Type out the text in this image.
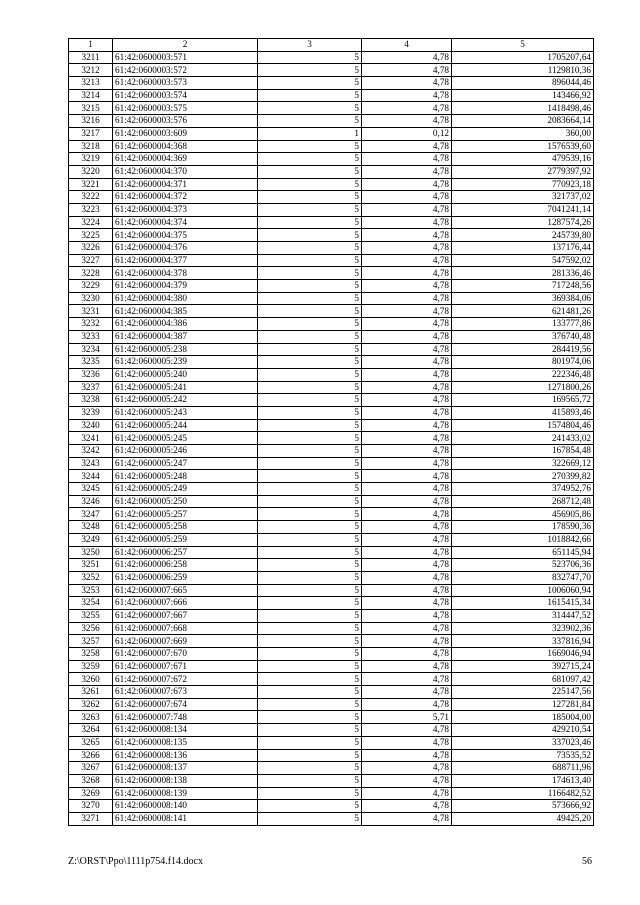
1	2	3	4	5
3211	61:42:0600003:571	5	4,78	1705207,64
3212	61:42:0600003:572	5	4,78	1129810,36
3213	61:42:0600003:573	5	4,78	896044,46
3214	61:42:0600003:574	5	4,78	143466,92
3215	61:42:0600003:575	5	4,78	1418498,46
3216	61:42:0600003:576	5	4,78	2083664,14
3217	61:42:0600003:609	1	0,12	360,00
3218	61:42:0600004:368	5	4,78	1576539,60
3219	61:42:0600004:369	5	4,78	479539,16
3220	61:42:0600004:370	5	4,78	2779397,92
3221	61:42:0600004:371	5	4,78	770923,18
3222	61:42:0600004:372	5	4,78	321737,02
3223	61:42:0600004:373	5	4,78	7041241,14
3224	61:42:0600004:374	5	4,78	1287574,26
3225	61:42:0600004:375	5	4,78	245739,80
3226	61:42:0600004:376	5	4,78	137176,44
3227	61:42:0600004:377	5	4,78	547592,02
3228	61:42:0600004:378	5	4,78	281336,46
3229	61:42:0600004:379	5	4,78	717248,56
3230	61:42:0600004:380	5	4,78	369384,06
3231	61:42:0600004:385	5	4,78	621481,26
3232	61:42:0600004:386	5	4,78	133777,86
3233	61:42:0600004:387	5	4,78	376740,48
3234	61:42:0600005:238	5	4,78	284419,56
3235	61:42:0600005:239	5	4,78	801974,06
3236	61:42:0600005:240	5	4,78	222346,48
3237	61:42:0600005:241	5	4,78	1271800,26
3238	61:42:0600005:242	5	4,78	169565,72
3239	61:42:0600005:243	5	4,78	415893,46
3240	61:42:0600005:244	5	4,78	1574804,46
3241	61:42:0600005:245	5	4,78	241433,02
3242	61:42:0600005:246	5	4,78	167854,48
3243	61:42:0600005:247	5	4,78	322669,12
3244	61:42:0600005:248	5	4,78	270399,82
3245	61:42:0600005:249	5	4,78	374952,76
3246	61:42:0600005:250	5	4,78	268712,48
3247	61:42:0600005:257	5	4,78	456905,86
3248	61:42:0600005:258	5	4,78	178590,36
3249	61:42:0600005:259	5	4,78	1018842,66
3250	61:42:0600006:257	5	4,78	651145,94
3251	61:42:0600006:258	5	4,78	523706,36
3252	61:42:0600006:259	5	4,78	832747,70
3253	61:42:0600007:665	5	4,78	1006060,94
3254	61:42:0600007:666	5	4,78	1615415,34
3255	61:42:0600007:667	5	4,78	314447,52
3256	61:42:0600007:668	5	4,78	323902,36
3257	61:42:0600007:669	5	4,78	337816,94
3258	61:42:0600007:670	5	4,78	1669046,94
3259	61:42:0600007:671	5	4,78	392715,24
3260	61:42:0600007:672	5	4,78	681097,42
3261	61:42:0600007:673	5	4,78	225147,56
3262	61:42:0600007:674	5	4,78	127281,84
3263	61:42:0600007:748	5	5,71	185004,00
3264	61:42:0600008:134	5	4,78	429210,54
3265	61:42:0600008:135	5	4,78	337023,46
3266	61:42:0600008:136	5	4,78	73535,52
3267	61:42:0600008:137	5	4,78	688711,96
3268	61:42:0600008:138	5	4,78	174613,40
3269	61:42:0600008:139	5	4,78	1166482,52
3270	61:42:0600008:140	5	4,78	573666,92
3271	61:42:0600008:141	5	4,78	49425,20
Z:\ORST\Ppo\1111p754.f14.docx	56
